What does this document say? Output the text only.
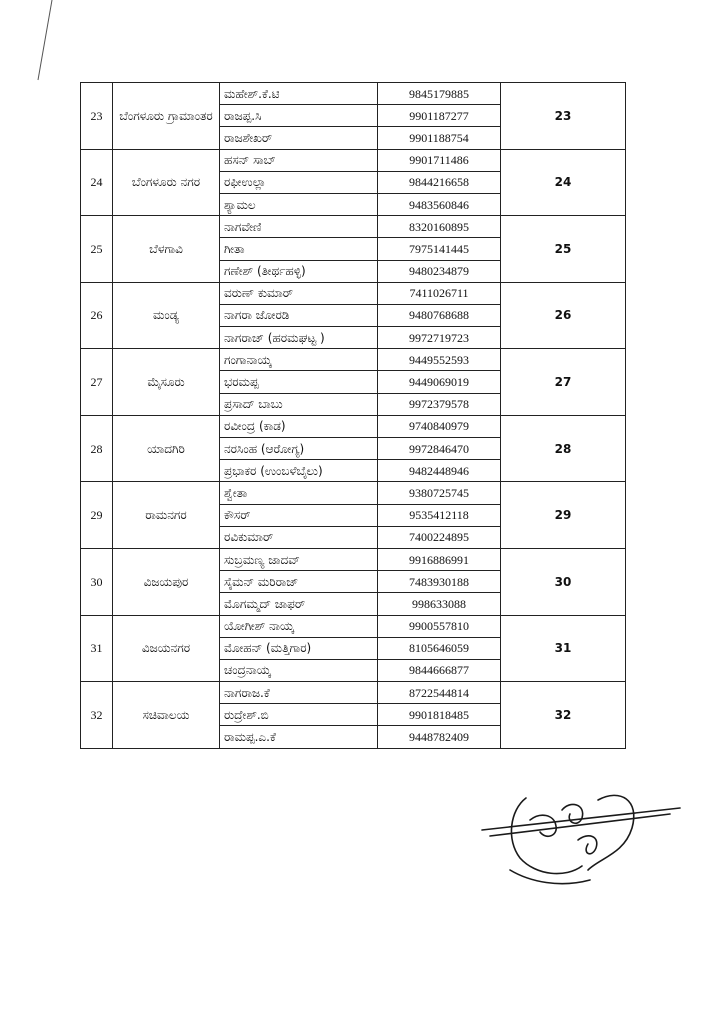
23	ಬೆಂಗಳೂರು ಗ್ರಾಮಾಂತರ	ಮಹೇಶ್.ಕೆ.ಟಿ	9845179885	23
		ರಾಜಪ್ಪ.ಸಿ	9901187277	
		ರಾಜಶೇಖರ್	9901188754	
24	ಬೆಂಗಳೂರು ನಗರ	ಹಸನ್ ಸಾಬ್	9901711486	24
		ರಫೀಉಲ್ಲಾ	9844216658	
		ಶ್ಯಾಮಲ	9483560846	
25	ಬೆಳಗಾವಿ	ನಾಗವೇಣಿ	8320160895	25
		ಗೀತಾ	7975141445	
		ಗಣೇಶ್ (ತೀರ್ಥಹಳ್ಳಿ)	9480234879	
26	ಮಂಡ್ಯ	ವರುಣ್ ಕುಮಾರ್	7411026711	26
		ನಾಗರಾ ಜೋರಡಿ	9480768688	
		ನಾಗರಾಜ್ (ಹರಮಘಟ್ಟ )	9972719723	
27	ಮೈಸೂರು	ಗಂಗಾನಾಯ್ಕ	9449552593	27
		ಭರಮಪ್ಪ	9449069019	
		ಪ್ರಸಾದ್ ಬಾಬು	9972379578	
28	ಯಾದಗಿರಿ	ರವೀಂದ್ರ (ಕಾಡ)	9740840979	28
		ನರಸಿಂಹ (ಆರೋಗ್ಯ)	9972846470	
		ಪ್ರಭಾಕರ (ಉಂಬಳೆಬೈಲು)	9482448946	
29	ರಾಮನಗರ	ಶ್ವೇತಾ	9380725745	29
		ಕೌಸರ್	9535412118	
		ರವಿಕುಮಾರ್	7400224895	
30	ವಿಜಯಪುರ	ಸುಬ್ರಮಣ್ಯ ಜಾದವ್	9916886991	30
		ಸೈಮನ್ ಮರಿರಾಜ್	7483930188	
		ಮೊಗಮ್ಮದ್ ಜಾಫರ್	998633088	
31	ವಿಜಯನಗರ	ಯೋಗೀಶ್ ನಾಯ್ಕ	9900557810	31
		ಮೋಹನ್ (ಮತ್ತಿಗಾರ)	8105646059	
		ಚಂದ್ರನಾಯ್ಕ	9844666877	
32	ಸಚಿವಾಲಯ	ನಾಗರಾಜ.ಕೆ	8722544814	32
		ರುದ್ರೇಶ್.ಬಿ	9901818485	
		ರಾಮಪ್ಪ.ಎ.ಕೆ	9448782409	
